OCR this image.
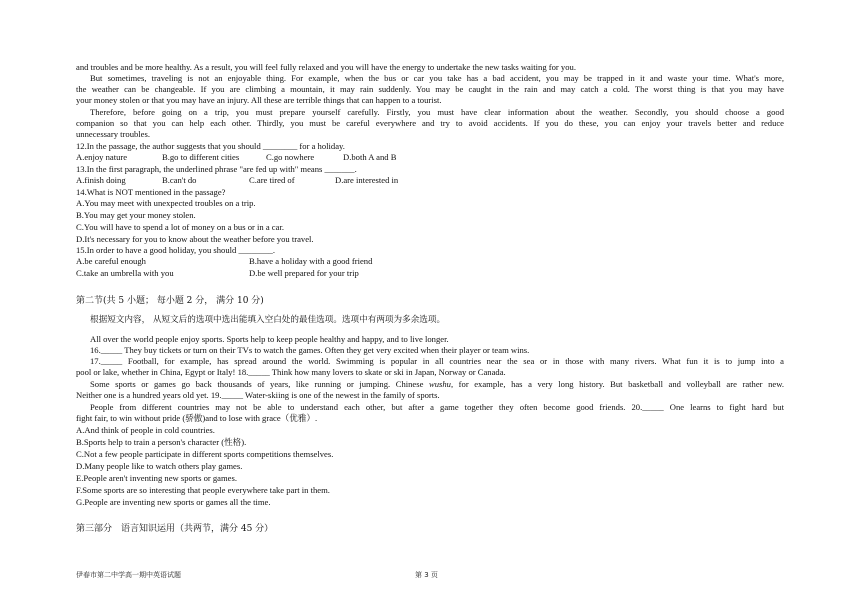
and troubles and be more healthy. As a result, you will feel fully relaxed and you will have the energy to undertake the new tasks waiting for you.
But sometimes, traveling is not an enjoyable thing. For example, when the bus or car you take has a bad accident, you may be trapped in it and waste your time. What's more,
the weather can be changeable. If you are climbing a mountain, it may rain suddenly. You may be caught in the rain and may catch a cold. The worst thing is that you may have
your money stolen or that you may have an injury. All these are terrible things that can happen to a tourist.
Therefore, before going on a trip, you must prepare yourself carefully. Firstly, you must have clear information about the weather. Secondly, you should choose a good
companion so that you can help each other. Thirdly, you must be careful everywhere and try to avoid accidents. If you do these, you can enjoy your travels better and reduce
unnecessary troubles.
12.In the passage, the author suggests that you should ________ for a holiday.
A.enjoy nature	B.go to different cities	C.go nowhere	D.both A and B
13.In the first paragraph, the underlined phrase "are fed up with" means _______.
A.finish doing	B.can't do	C.are tired of	D.are interested in
14.What is NOT mentioned in the passage?
A.You may meet with unexpected troubles on a trip.
B.You may get your money stolen.
C.You will have to spend a lot of money on a bus or in a car.
D.It's necessary for you to know about the weather before you travel.
15.In order to have a good holiday, you should ________.
A.be careful enough	B.have a holiday with a good friend
C.take an umbrella with you	D.be well prepared for your trip
第二节(共 5 小题； 每小题 2 分， 满分 10 分)
根据短文内容， 从短文后的选项中选出能填入空白处的最佳选项。选项中有两项为多余选项。
All over the world people enjoy sports. Sports help to keep people healthy and happy, and to live longer.
16._____ They buy tickets or turn on their TVs to watch the games. Often they get very excited when their player or team wins.
17._____ Football, for example, has spread around the world. Swimming is popular in all countries near the sea or in those with many rivers. What fun it is to jump into a
pool or lake, whether in China, Egypt or Italy! 18._____ Think how many lovers to skate or ski in Japan, Norway or Canada.
Some sports or games go back thousands of years, like running or jumping. Chinese wushu, for example, has a very long history. But basketball and volleyball are rather new.
Neither one is a hundred years old yet. 19._____ Water-skiing is one of the newest in the family of sports.
People from different countries may not be able to understand each other, but after a game together they often become good friends. 20._____ One learns to fight hard but
fight fair, to win without pride (骄傲)and to lose with grace（优雅）.
A.And think of people in cold countries.
B.Sports help to train a person's character (性格).
C.Not a few people participate in different sports competitions themselves.
D.Many people like to watch others play games.
E.People aren't inventing new sports or games.
F.Some sports are so interesting that people everywhere take part in them.
G.People are inventing new sports or games all the time.
第三部分　语言知识运用（共两节，满分 45 分）
伊春市第二中学高一期中英语试题	第 3 页
